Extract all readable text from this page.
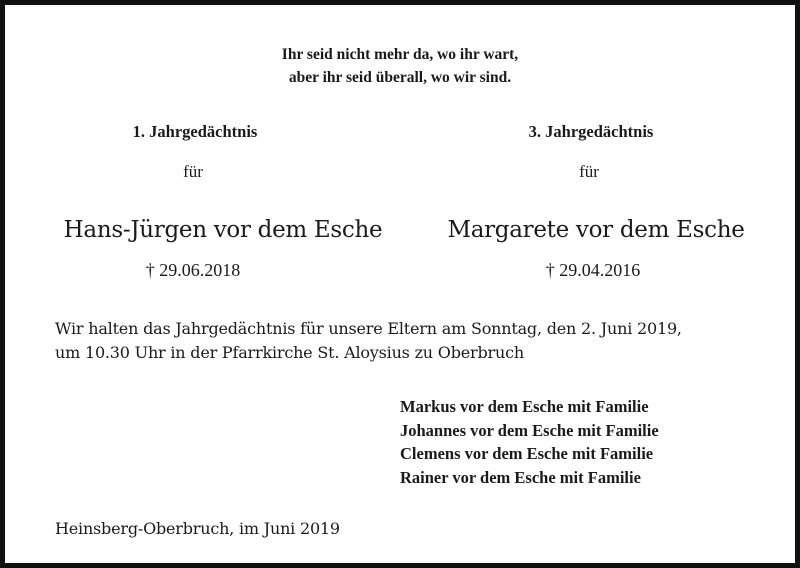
Ihr seid nicht mehr da, wo ihr wart,
aber ihr seid überall, wo wir sind.
1. Jahrgedächtnis
für
Hans-Jürgen vor dem Esche
† 29.06.2018
3. Jahrgedächtnis
für
Margarete vor dem Esche
† 29.04.2016
Wir halten das Jahrgedächtnis für unsere Eltern am Sonntag, den 2. Juni 2019,
um 10.30 Uhr in der Pfarrkirche St. Aloysius zu Oberbruch
Markus vor dem Esche mit Familie
Johannes vor dem Esche mit Familie
Clemens vor dem Esche mit Familie
Rainer vor dem Esche mit Familie
Heinsberg-Oberbruch, im Juni 2019
